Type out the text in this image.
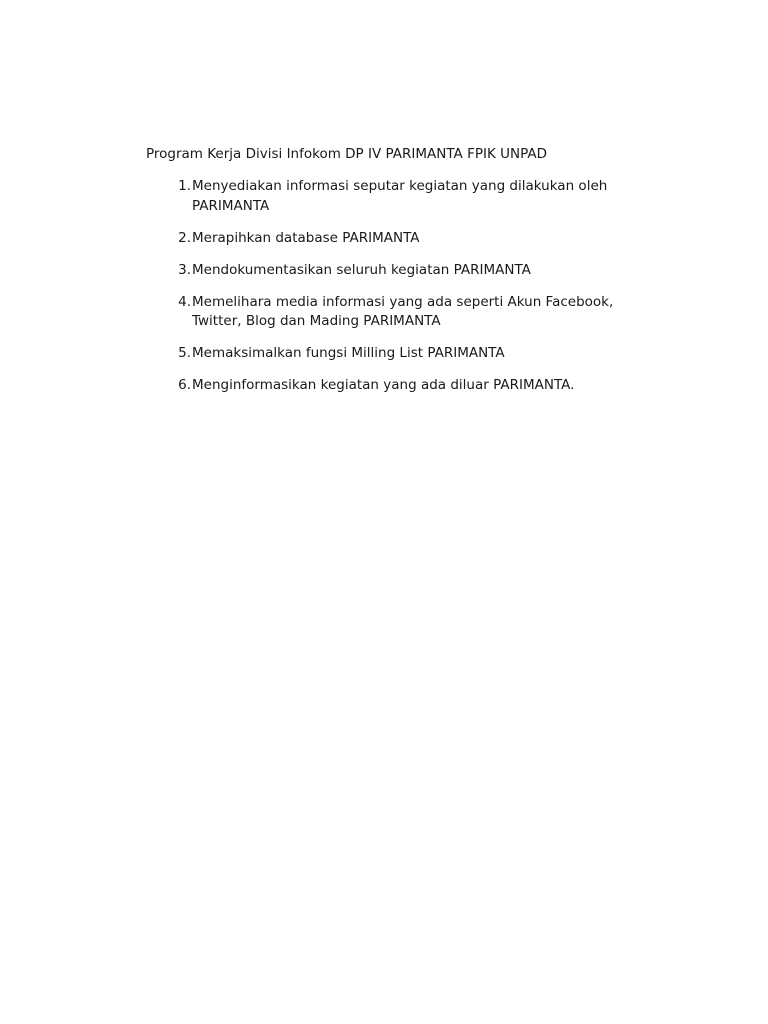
Program Kerja Divisi Infokom DP IV PARIMANTA FPIK UNPAD
1. Menyediakan informasi seputar kegiatan yang dilakukan oleh PARIMANTA
2. Merapihkan database PARIMANTA
3. Mendokumentasikan seluruh kegiatan PARIMANTA
4. Memelihara media informasi yang ada seperti Akun Facebook, Twitter, Blog dan Mading PARIMANTA
5. Memaksimalkan fungsi Milling List PARIMANTA
6. Menginformasikan kegiatan yang ada diluar PARIMANTA.
